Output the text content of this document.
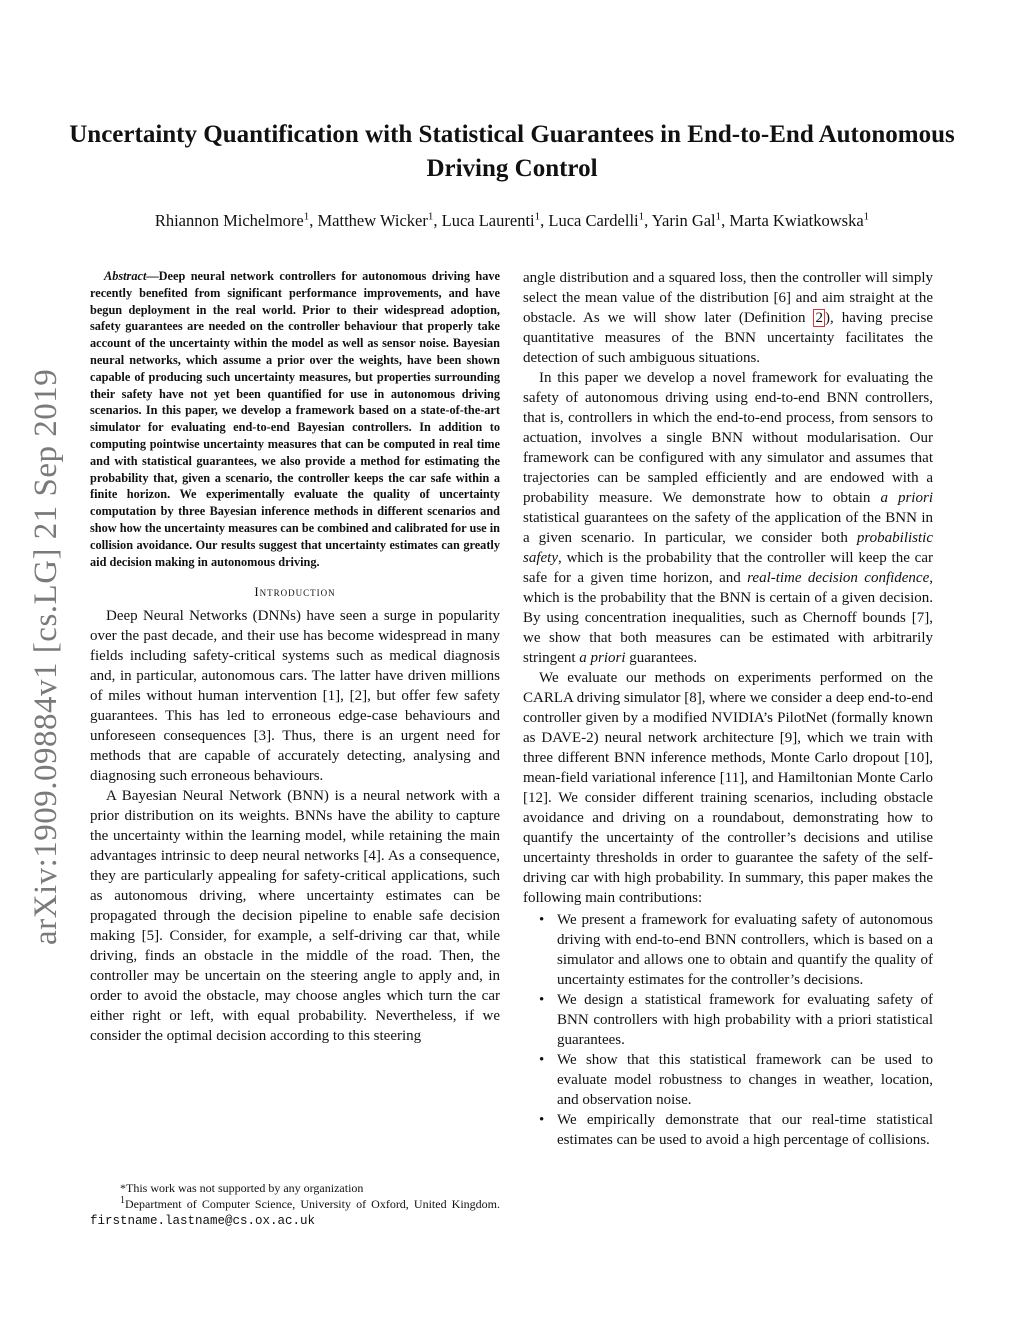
Uncertainty Quantification with Statistical Guarantees in End-to-End Autonomous Driving Control
Rhiannon Michelmore$^1$, Matthew Wicker$^1$, Luca Laurenti$^1$, Luca Cardelli$^1$, Yarin Gal$^1$, Marta Kwiatkowska$^1$
arXiv:1909.09884v1 [cs.LG] 21 Sep 2019

Abstract—Deep neural network controllers for autonomous driving have recently benefited from significant performance improvements, and have begun deployment in the real world. Prior to their widespread adoption, safety guarantees are needed on the controller behaviour that properly take account of the uncertainty within the model as well as sensor noise. Bayesian neural networks, which assume a prior over the weights, have been shown capable of producing such uncertainty measures, but properties surrounding their safety have not yet been quantified for use in autonomous driving scenarios. In this paper, we develop a framework based on a state-of-the-art simulator for evaluating end-to-end Bayesian controllers. In addition to computing pointwise uncertainty measures that can be computed in real time and with statistical guarantees, we also provide a method for estimating the probability that, given a scenario, the controller keeps the car safe within a finite horizon. We experimentally evaluate the quality of uncertainty computation by three Bayesian inference methods in different scenarios and show how the uncertainty measures can be combined and calibrated for use in collision avoidance. Our results suggest that uncertainty estimates can greatly aid decision making in autonomous driving.

Introduction

Deep Neural Networks (DNNs) have seen a surge in popularity over the past decade, and their use has become widespread in many fields including safety-critical systems such as medical diagnosis and, in particular, autonomous cars. The latter have driven millions of miles without human intervention [1], [2], but offer few safety guarantees. This has led to erroneous edge-case behaviours and unforeseen consequences [3]. Thus, there is an urgent need for methods that are capable of accurately detecting, analysing and diagnosing such erroneous behaviours.

A Bayesian Neural Network (BNN) is a neural network with a prior distribution on its weights. BNNs have the ability to capture the uncertainty within the learning model, while retaining the main advantages intrinsic to deep neural networks [4]. As a consequence, they are particularly appealing for safety-critical applications, such as autonomous driving, where uncertainty estimates can be propagated through the decision pipeline to enable safe decision making [5]. Consider, for example, a self-driving car that, while driving, finds an obstacle in the middle of the road. Then, the controller may be uncertain on the steering angle to apply and, in order to avoid the obstacle, may choose angles which turn the car either right or left, with equal probability. Nevertheless, if we consider the optimal decision according to this steering

angle distribution and a squared loss, then the controller will simply select the mean value of the distribution [6] and aim straight at the obstacle. As we will show later (Definition 2 ), having precise quantitative measures of the BNN uncertainty facilitates the detection of such ambiguous situations.

In this paper we develop a novel framework for evaluating the safety of autonomous driving using end-to-end BNN controllers, that is, controllers in which the end-to-end process, from sensors to actuation, involves a single BNN without modularisation. Our framework can be configured with any simulator and assumes that trajectories can be sampled efficiently and are endowed with a probability measure. We demonstrate how to obtain a priori statistical guarantees on the safety of the application of the BNN in a given scenario. In particular, we consider both probabilistic safety, which is the probability that the controller will keep the car safe for a given time horizon, and real-time decision confidence, which is the probability that the BNN is certain of a given decision. By using concentration inequalities, such as Chernoff bounds [7], we show that both measures can be estimated with arbitrarily stringent a priori guarantees.

We evaluate our methods on experiments performed on the CARLA driving simulator [8], where we consider a deep end-to-end controller given by a modified NVIDIA’s PilotNet (formally known as DAVE-2) neural network architecture [9], which we train with three different BNN inference methods, Monte Carlo dropout [10], mean-field variational inference [11], and Hamiltonian Monte Carlo [12]. We consider different training scenarios, including obstacle avoidance and driving on a roundabout, demonstrating how to quantify the uncertainty of the controller’s decisions and utilise uncertainty thresholds in order to guarantee the safety of the self-driving car with high probability. In summary, this paper makes the following main contributions:

• We present a framework for evaluating safety of autonomous driving with end-to-end BNN controllers, which is based on a simulator and allows one to obtain and quantify the quality of uncertainty estimates for the controller’s decisions.
• We design a statistical framework for evaluating safety of BNN controllers with high probability with a priori statistical guarantees.
• We show that this statistical framework can be used to evaluate model robustness to changes in weather, location, and observation noise.
• We empirically demonstrate that our real-time statistical estimates can be used to avoid a high percentage of collisions.

*This work was not supported by any organization

$^1$Department of Computer Science, University of Oxford, United Kingdom. firstname.lastname@cs.ox.ac.uk
